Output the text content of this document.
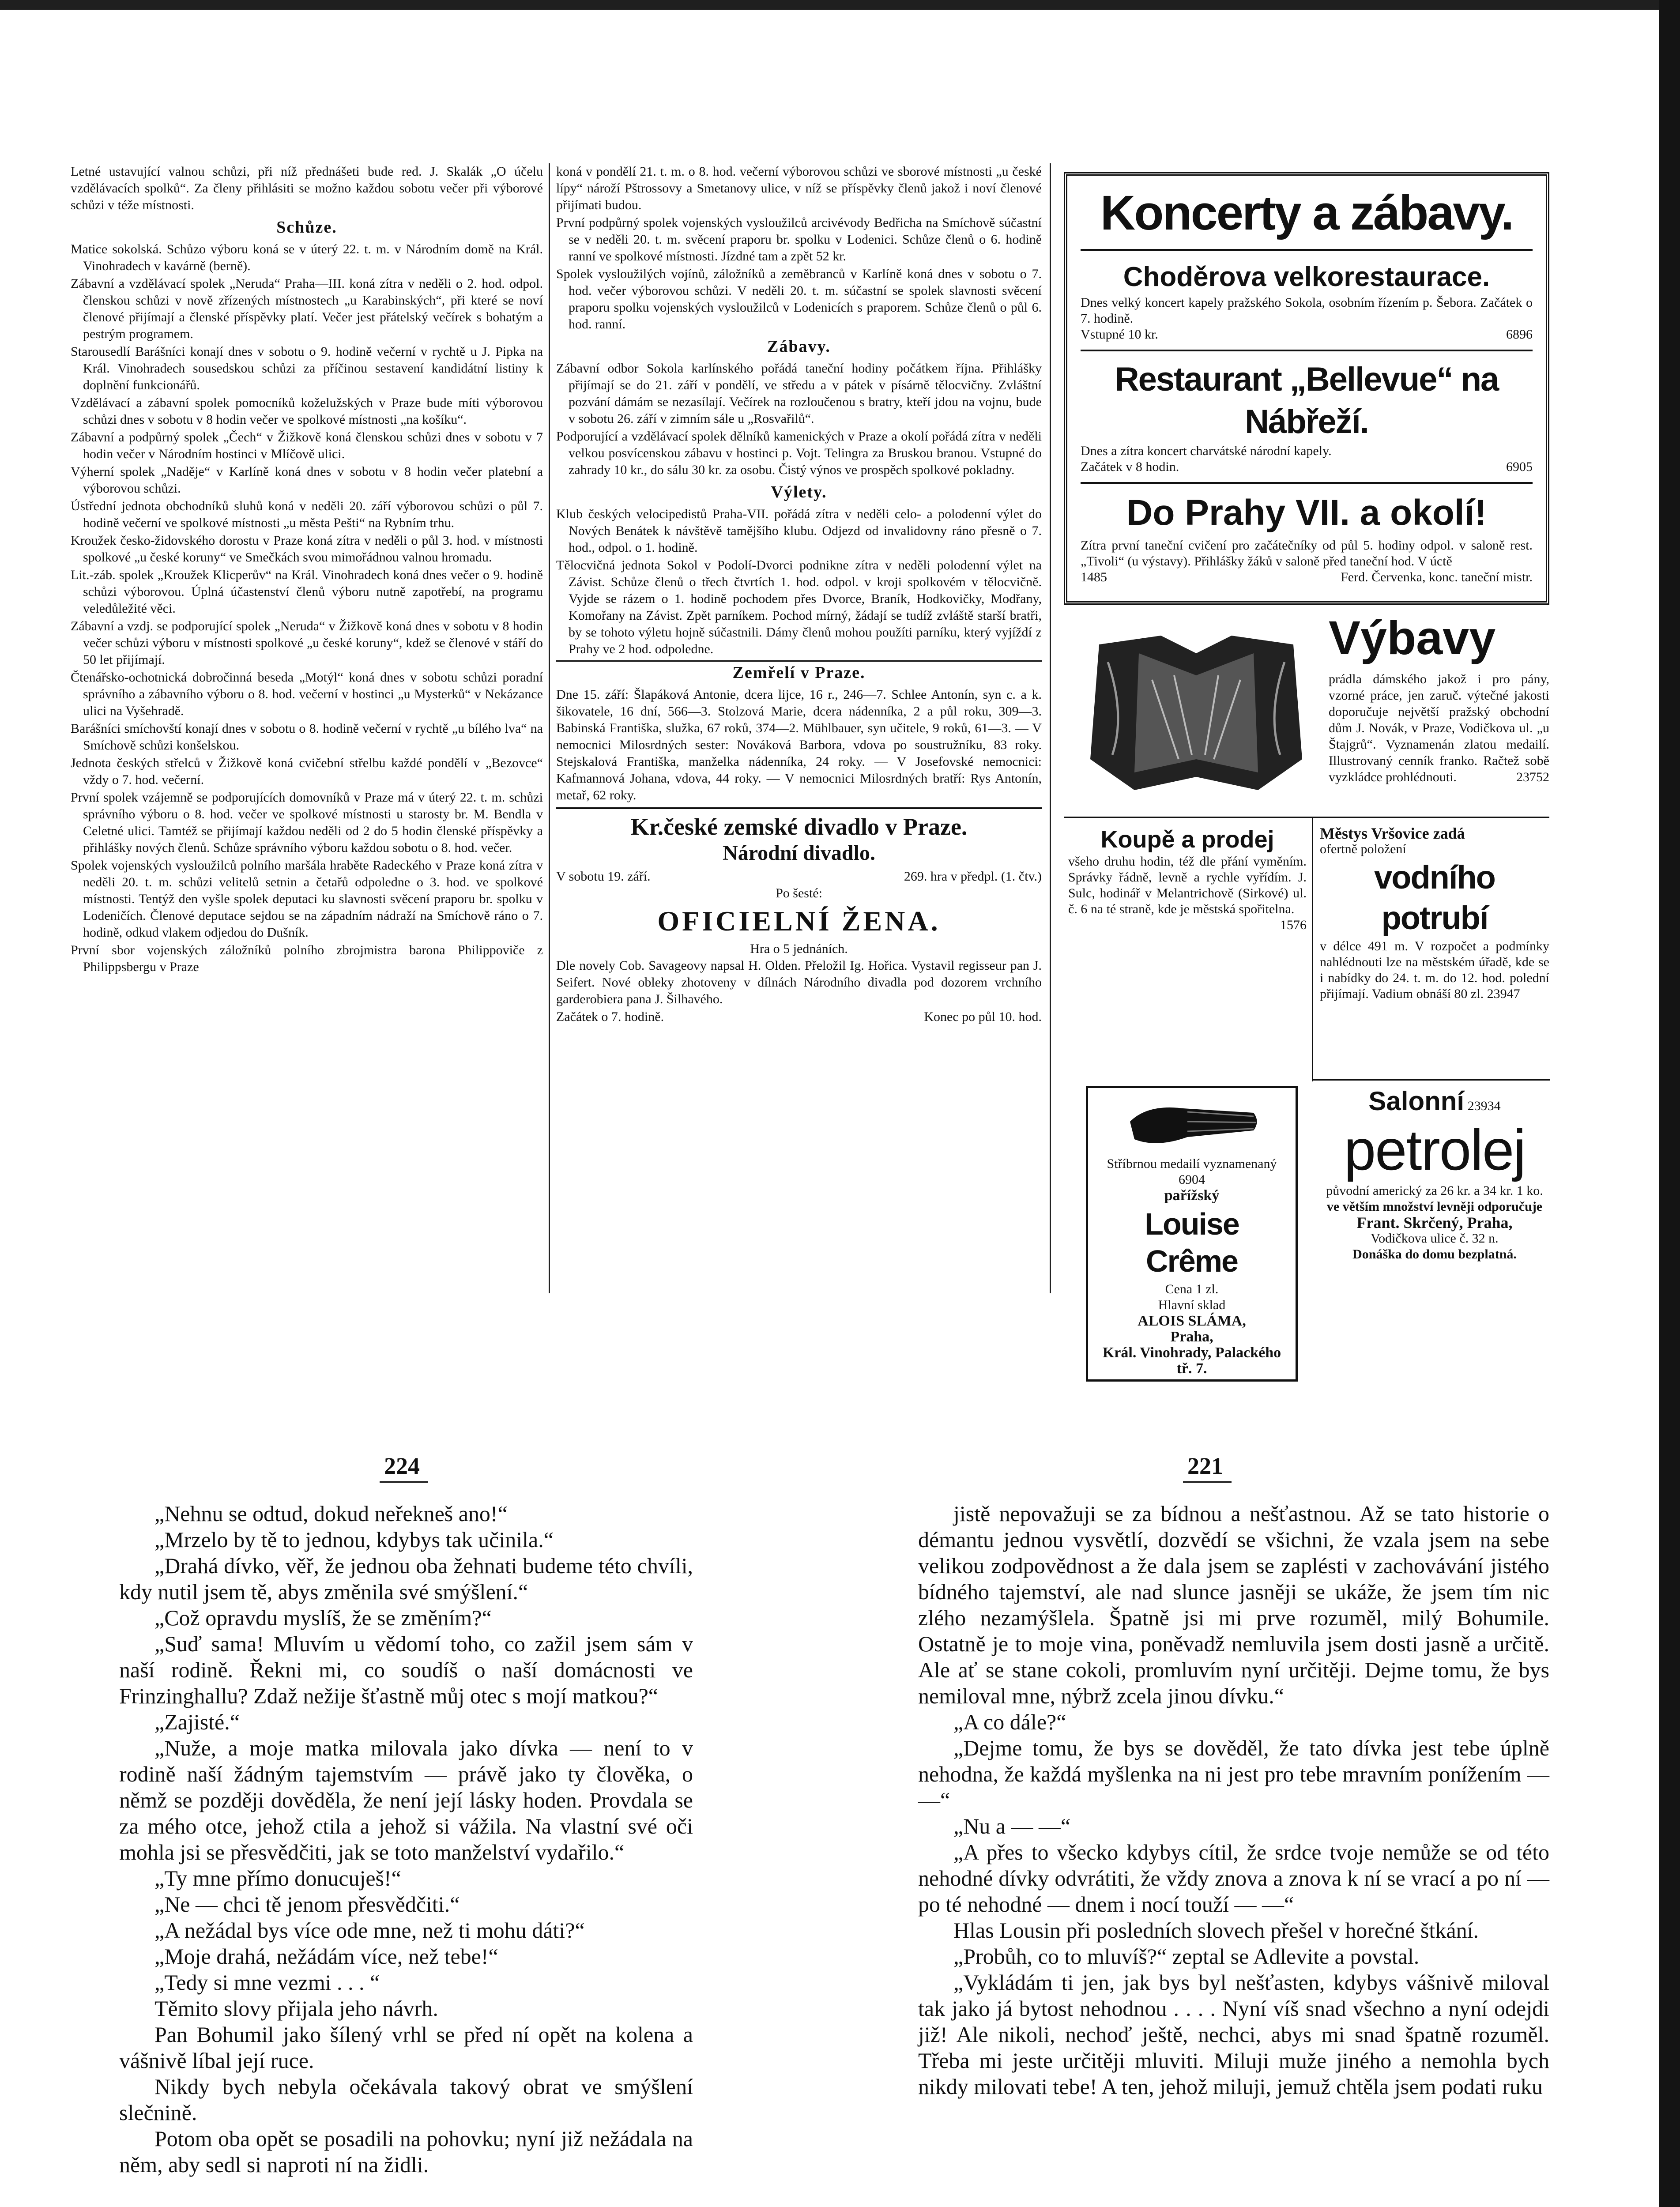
Letné ustavující valnou schůzi, při níž přednášeti bude red. J. Skalák „O účelu vzdělávacích spolků“. Za členy přihlásiti se možno každou sobotu večer při výborové schůzi v téže místnosti.

Schůze.

Matice sokolská. Schůzo výboru koná se v úterý 22. t. m. v Národním domě na Král. Vinohradech v kavárně (berně).

Zábavní a vzdělávací spolek „Neruda“ Praha—III. koná zítra v neděli o 2. hod. odpol. členskou schůzi v nově zřízených místnostech „u Karabinských“, při které se noví členové přijímají a členské příspěvky platí. Večer jest přátelský večírek s bohatým a pestrým programem.

Starousedlí Barášníci konají dnes v sobotu o 9. hodině večerní v rychtě u J. Pipka na Král. Vinohradech sousedskou schůzi za příčinou sestavení kandidátní listiny k doplnění funkcionářů.

Vzdělávací a zábavní spolek pomocníků koželužských v Praze bude míti výborovou schůzi dnes v sobotu v 8 hodin večer ve spolkové místnosti „na košíku“.

Zábavní a podpůrný spolek „Čech“ v Žižkově koná členskou schůzi dnes v sobotu v 7 hodin večer v Národním hostinci v Mlíčově ulici.

Výherní spolek „Naděje“ v Karlíně koná dnes v sobotu v 8 hodin večer platební a výborovou schůzi.

Ústřední jednota obchodníků sluhů koná v neděli 20. září výborovou schůzi o půl 7. hodině večerní ve spolkové místnosti „u města Pešti“ na Rybním trhu.

Kroužek česko-židovského dorostu v Praze koná zítra v neděli o půl 3. hod. v místnosti spolkové „u české koruny“ ve Smečkách svou mimořádnou valnou hromadu.

Lit.-záb. spolek „Kroužek Klicperův“ na Král. Vinohradech koná dnes večer o 9. hodině schůzi výborovou. Úplná účastenství členů výboru nutně zapotřebí, na programu veledůležité věci.

Zábavní a vzdj. se podporující spolek „Neruda“ v Žižkově koná dnes v sobotu v 8 hodin večer schůzi výboru v místnosti spolkové „u české koruny“, kdež se členové v stáří do 50 let přijímají.

Čtenářsko-ochotnická dobročinná beseda „Motýl“ koná dnes v sobotu schůzi poradní správního a zábavního výboru o 8. hod. večerní v hostinci „u Mysterků“ v Nekázance ulici na Vyšehradě.

Barášníci smíchovští konají dnes v sobotu o 8. hodině večerní v rychtě „u bílého lva“ na Smíchově schůzi konšelskou.

Jednota českých střelců v Žižkově koná cvičební střelbu každé pondělí v „Bezovce“ vždy o 7. hod. večerní.

První spolek vzájemně se podporujících domovníků v Praze má v úterý 22. t. m. schůzi správního výboru o 8. hod. večer ve spolkové místnosti u starosty br. M. Bendla v Celetné ulici. Tamtéž se přijímají každou neděli od 2 do 5 hodin členské příspěvky a přihlášky nových členů. Schůze správního výboru každou sobotu o 8. hod. večer.

Spolek vojenských vysloužilců polního maršála hraběte Radeckého v Praze koná zítra v neděli 20. t. m. schůzi velitelů setnin a četařů odpoledne o 3. hod. ve spolkové místnosti. Tentýž den vyšle spolek deputaci ku slavnosti svěcení praporu br. spolku v Lodeničích. Členové deputace sejdou se na západním nádraží na Smíchově ráno o 7. hodině, odkud vlakem odjedou do Dušník.

První sbor vojenských záložníků polního zbrojmistra barona Philippoviče z Philippsbergu v Praze

koná v pondělí 21. t. m. o 8. hod. večerní výborovou schůzi ve sborové místnosti „u české lípy“ nároží Pštrossovy a Smetanovy ulice, v níž se příspěvky členů jakož i noví členové přijímati budou.

První podpůrný spolek vojenských vysloužilců arcivévody Bedřicha na Smíchově súčastní se v neděli 20. t. m. svěcení praporu br. spolku v Lodenici. Schůze členů o 6. hodině ranní ve spolkové místnosti. Jízdné tam a zpět 52 kr.

Spolek vysloužilých vojínů, záložníků a zeměbranců v Karlíně koná dnes v sobotu o 7. hod. večer výborovou schůzi. V neděli 20. t. m. súčastní se spolek slavnosti svěcení praporu spolku vojenských vysloužilců v Lodenicích s praporem. Schůze členů o půl 6. hod. ranní.

Zábavy.

Zábavní odbor Sokola karlínského pořádá taneční hodiny počátkem října. Přihlášky přijímají se do 21. září v pondělí, ve středu a v pátek v písárně tělocvičny. Zvláštní pozvání dámám se nezasílají. Večírek na rozloučenou s bratry, kteří jdou na vojnu, bude v sobotu 26. září v zimním sále u „Rosvařilů“.

Podporující a vzdělávací spolek dělníků kamenických v Praze a okolí pořádá zítra v neděli velkou posvícenskou zábavu v hostinci p. Vojt. Telingra za Bruskou branou. Vstupné do zahrady 10 kr., do sálu 30 kr. za osobu. Čistý výnos ve prospěch spolkové pokladny.

Výlety.

Klub českých velocipedistů Praha-VII. pořádá zítra v neděli celo- a polodenní výlet do Nových Benátek k návštěvě tamějšího klubu. Odjezd od invalidovny ráno přesně o 7. hod., odpol. o 1. hodině.

Tělocvičná jednota Sokol v Podolí-Dvorci podnikne zítra v neděli polodenní výlet na Závist. Schůze členů o třech čtvrtích 1. hod. odpol. v kroji spolkovém v tělocvičně. Vyjde se rázem o 1. hodině pochodem přes Dvorce, Braník, Hodkovičky, Modřany, Komořany na Závist. Zpět parníkem. Pochod mírný, žádají se tudíž zvláště starší bratři, by se tohoto výletu hojně súčastnili. Dámy členů mohou použíti parníku, který vyjíždí z Prahy ve 2 hod. odpoledne.

Zemřelí v Praze.

Dne 15. září: Šlapáková Antonie, dcera lijce, 16 r., 246—7. Schlee Antonín, syn c. a k. šikovatele, 16 dní, 566—3. Stolzová Marie, dcera nádenníka, 2 a půl roku, 309—3. Babinská Františka, služka, 67 roků, 374—2. Mühlbauer, syn učitele, 9 roků, 61—3. — V nemocnici Milosrdných sester: Nováková Barbora, vdova po soustružníku, 83 roky. Stejskalová Františka, manželka nádenníka, 24 roky. — V Josefovské nemocnici: Kafmannová Johana, vdova, 44 roky. — V nemocnici Milosrdných bratří: Rys Antonín, metař, 62 roky.

Kr.české zemské divadlo v Praze.
Národní divadlo.
V sobotu 19. září.	269. hra v předpl. (1. čtv.)
Po šesté:
OFICIELNÍ ŽENA.
Hra o 5 jednáních.

Dle novely Cob. Savageovy napsal H. Olden. Přeložil Ig. Hořica. Vystavil regisseur pan J. Seifert. Nové obleky zhotoveny v dílnách Národního divadla pod dozorem vrchního garderobiera pana J. Šilhavého.

Začátek o 7. hodině.	Konec po půl 10. hod.
Koncerty a zábavy.
Choděrova velkorestaurace.

Dnes velký koncert kapely pražského Sokola, osobním řízením p. Šebora. Začátek o 7. hodině.

Vstupné 10 kr.	6896
Restaurant „Bellevue“ na Nábřeží.

Dnes a zítra koncert charvátské národní kapely.

Začátek v 8 hodin.	6905
Do Prahy VII. a okolí!

Zítra první taneční cvičení pro začátečníky od půl 5. hodiny odpol. v saloně rest. „Tivoli“ (u výstavy). Přihlášky žáků v saloně před taneční hod. V úctě

1485	Ferd. Červenka, konc. taneční mistr.
Výbavy
prádla dámského jakož i pro pány, vzorné práce, jen zaruč. výtečné jakosti doporučuje největší pražský obchodní dům J. Novák, v Praze, Vodičkova ul. „u Štajgrů“. Vyznamenán zlatou medailí. Illustrovaný cenník franko. Račtež sobě vyzkládce prohlédnouti.	23752
Koupě a prodej
všeho druhu hodin, též dle přání vyměním. Správky řádně, levně a rychle vyřídím. J. Sulc, hodinář v Melantrichově (Sirkové) ul. č. 6 na té straně, kde je městská spořitelna.
1576
Městys Vršovice zadá
ofertně položení
vodního potrubí
v délce 491 m. V rozpočet a podmínky nahlédnouti lze na městském úřadě, kde se i nabídky do 24. t. m. do 12. hod. polední přijímají. Vadium obnáší 80 zl. 23947
Stříbrnou medailí vyznamenaný 6904
pařížský
Louise Crême
Cena 1 zl.
Hlavní sklad
ALOIS SLÁMA,
Praha,
Král. Vinohrady, Palackého tř. 7.
Salonní 23934
petrolej
původní americký za 26 kr. a 34 kr. 1 ko.
ve větším množství levněji odporučuje
Frant. Skrčený, Praha,
Vodičkova ulice č. 32 n.
Donáška do domu bezplatná.
224	221

„Nehnu se odtud, dokud neřekneš ano!“

„Mrzelo by tě to jednou, kdybys tak učinila.“

„Drahá dívko, věř, že jednou oba žehnati budeme této chvíli, kdy nutil jsem tě, abys změnila své smýšlení.“

„Což opravdu myslíš, že se změním?“

„Suď sama! Mluvím u vědomí toho, co zažil jsem sám v naší rodině. Řekni mi, co soudíš o naší domácnosti ve Frinzinghallu? Zdaž nežije šťastně můj otec s mojí matkou?“

„Zajisté.“

„Nuže, a moje matka milovala jako dívka — není to v rodině naší žádným tajemstvím — právě jako ty člověka, o němž se později dověděla, že není její lásky hoden. Provdala se za mého otce, jehož ctila a jehož si vážila. Na vlastní své oči mohla jsi se přesvědčiti, jak se toto manželství vydařilo.“

„Ty mne přímo donucuješ!“

„Ne — chci tě jenom přesvědčiti.“

„A nežádal bys více ode mne, než ti mohu dáti?“

„Moje drahá, nežádám více, než tebe!“

„Tedy si mne vezmi . . . “

Těmito slovy přijala jeho návrh.

Pan Bohumil jako šílený vrhl se před ní opět na kolena a vášnivě líbal její ruce.

Nikdy bych nebyla očekávala takový obrat ve smýšlení slečnině.

Potom oba opět se posadili na pohovku; nyní již nežádala na něm, aby sedl si naproti ní na židli.

jistě nepovažuji se za bídnou a nešťastnou. Až se tato historie o démantu jednou vysvětlí, dozvědí se všichni, že vzala jsem na sebe velikou zodpovědnost a že dala jsem se zaplésti v zachovávání jistého bídného tajemství, ale nad slunce jasněji se ukáže, že jsem tím nic zlého nezamýšlela. Špatně jsi mi prve rozuměl, milý Bohumile. Ostatně je to moje vina, poněvadž nemluvila jsem dosti jasně a určitě. Ale ať se stane cokoli, promluvím nyní určitěji. Dejme tomu, že bys nemiloval mne, nýbrž zcela jinou dívku.“

„A co dále?“

„Dejme tomu, že bys se dověděl, že tato dívka jest tebe úplně nehodna, že každá myšlenka na ni jest pro tebe mravním ponížením — —“

„Nu a — —“

„A přes to všecko kdybys cítil, že srdce tvoje nemůže se od této nehodné dívky odvrátiti, že vždy znova a znova k ní se vrací a po ní — po té nehodné — dnem i nocí touží — —“

Hlas Lousin při posledních slovech přešel v horečné štkání.

„Probůh, co to mluvíš?“ zeptal se Adlevite a povstal.

„Vykládám ti jen, jak bys byl nešťasten, kdybys vášnivě miloval tak jako já bytost nehodnou . . . . Nyní víš snad všechno a nyní odejdi již! Ale nikoli, nechoď ještě, nechci, abys mi snad špatně rozuměl. Třeba mi jeste určitěji mluviti. Miluji muže jiného a nemohla bych nikdy milovati tebe! A ten, jehož miluji, jemuž chtěla jsem podati ruku
